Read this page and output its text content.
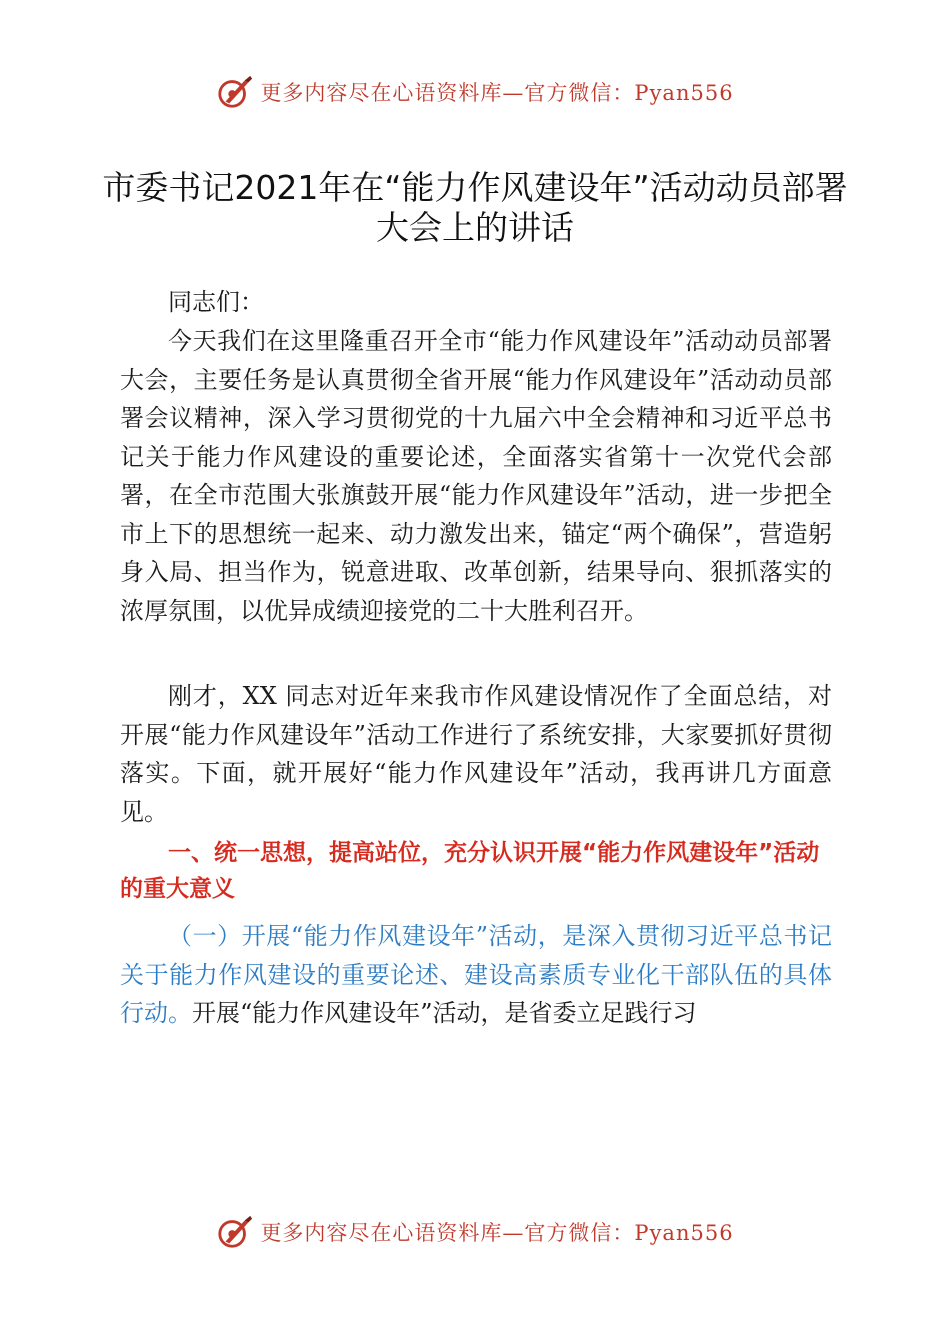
更多内容尽在心语资料库—官方微信：Pyan556
市委书记2021年在“能力作风建设年”活动动员部署大会上的讲话

同志们：

今天我们在这里隆重召开全市“能力作风建设年”活动动员部署大会，主要任务是认真贯彻全省开展“能力作风建设年”活动动员部署会议精神，深入学习贯彻党的十九届六中全会精神和习近平总书记关于能力作风建设的重要论述，全面落实省第十一次党代会部署，在全市范围大张旗鼓开展“能力作风建设年”活动，进一步把全市上下的思想统一起来、动力激发出来，锚定“两个确保”，营造躬身入局、担当作为，锐意进取、改革创新，结果导向、狠抓落实的浓厚氛围，以优异成绩迎接党的二十大胜利召开。

刚才，XX 同志对近年来我市作风建设情况作了全面总结，对开展“能力作风建设年”活动工作进行了系统安排，大家要抓好贯彻落实。下面，就开展好“能力作风建设年”活动，我再讲几方面意见。

一、统一思想，提高站位，充分认识开展“能力作风建设年”活动的重大意义

（一）开展“能力作风建设年”活动，是深入贯彻习近平总书记关于能力作风建设的重要论述、建设高素质专业化干部队伍的具体行动。开展“能力作风建设年”活动，是省委立足践行习

更多内容尽在心语资料库—官方微信：Pyan556
